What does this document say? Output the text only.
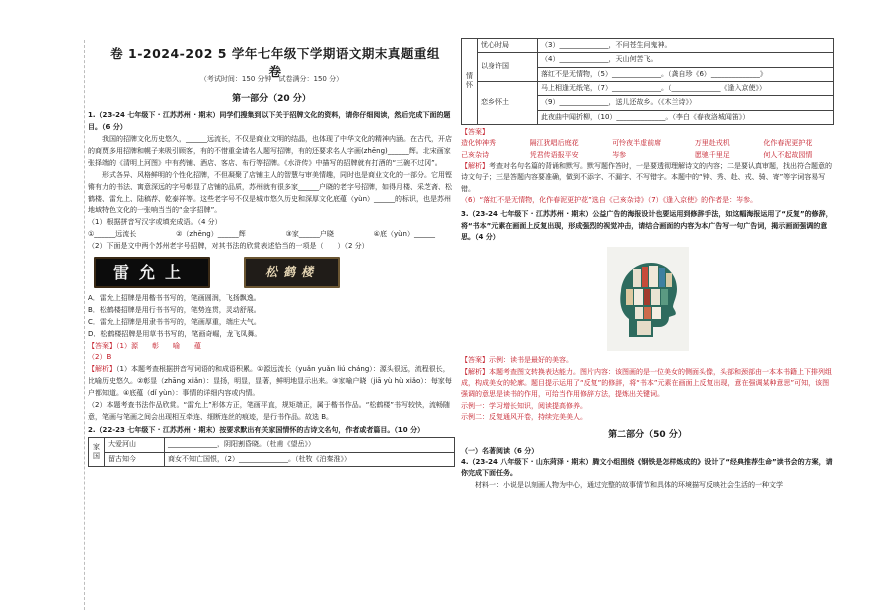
卷 1-2024-202 5 学年七年级下学期语文期末真题重组卷
（考试时间：150 分钟　试卷满分：150 分）
第一部分（20 分）

1.（23-24 七年级下 · 江苏苏州 · 期末）同学们搜集到以下关于招牌文化的资料，请你仔细阅读，然后完成下面的题目。（6 分）

我国的招牌文化历史悠久，______远流长，不仅是商业文明的结晶，也体现了中华文化的精神内涵。在古代，开店的商贾多用招牌和幌子来吸引顾客，有的不惜重金请名人题写招牌，有的还要求名人字画(zhēng)______辉。北宋画家张择端的《清明上河图》中有药铺、酒店、客店、布行等招牌。《水浒传》中描写的招牌就有打酒的“三碗不过冈”。

形式各异、风格鲜明的个性化招牌，不但凝聚了店铺主人的智慧与审美情趣，同时也是商业文化的一部分。它用铿锵有力的书法、寓意深远的字号彰显了店铺的品质，苏州就有很多家______户晓的老字号招牌，如得月楼、采芝斋、松鹤楼、雷允上、陆稿荐、乾泰祥等。这些老字号不仅是城市悠久历史和深厚文化底蕴（yùn）______的标识，也是苏州地域特色文化的一张响当当的“金字招牌”。

（1）根据拼音写汉字或填充成语。（4 分）

①______远流长	②（zhēng）______辉	③家______户晓	④底（yùn）______

（2）下面是文中两个苏州老字号招牌，对其书法的欣赏表述恰当的一项是（　　）（2 分）

雷允上	松鹤楼

A．雷允上招牌是用楷书书写的，笔画圆润，飞扬飘逸。

B．松鹤楼招牌是用行书书写的，笔势连贯，灵动舒展。

C．雷允上招牌是用隶书书写的，笔画厚重，端庄大气。

D．松鹤楼招牌是用草书书写的，笔画奇崛，龙飞凤舞。

【答案】（1）源　　彰　　喻　　蕴

（2）B

【解析】（1）本题考查根据拼音写词语的和成语积累。①源远流长（yuǎn yuǎn liú cháng）：源头很远，流程很长，比喻历史悠久。②彰显（zhāng xiǎn）：显扬，明显，显著，鲜明地显示出来。③家喻户晓（jiā yù hù xiǎo）：每家每户都知道。④底蕴（dǐ yùn）：事情的详细内容或内情。

（2）本题考查书法作品欣赏。“雷允上”形体方正，笔画平直，规矩端正，属于楷书作品。“松鹤楼”书写较快，流畅随意，笔画与笔画之间会出现相互牵连、细断连丝的痕迹，是行书作品。故选 B。

2.（22-23 七年级下 · 江苏苏州 · 期末）按要求默出有关家国情怀的古诗文名句，作者或者篇目。（10 分）

家国	大爱河山	______________，阴阳割昏晓。（杜甫《望岳》）
	留古知今	商女不知亡国恨，（2）______________。（杜牧《泊秦淮》）
情怀	忧心时局	（3）______________，不问苍生问鬼神。
	以身许国	（4）______________，天山何苦飞。
		落红不是无情物，（5）______________。（龚自珍《6）______________》
	恋乡怀土	马上相逢无纸笔，（7）______________。（______________《逢入京使》）
		（9）______________，送儿还故乡。（《木兰诗》）
		此夜曲中闻折柳，（10）______________。（李白《春夜洛城闻笛》）
【答案】
造化钟神秀	隔江犹唱后庭花	可怜夜半虚前席	万里赴戎机	化作春泥更护花
己亥杂诗	凭君传语报平安	岑参	愿驰千里足	何人不起故园情

【解析】考查对名句名篇的背诵和默写。默写题作答时，一是要透彻理解诗文的内容；二是要认真审题，找出符合题意的诗文句子；三是答题内容要准确，做到不添字、不漏字、不写错字。本题中的“钟、秀、赴、戎、骑、寄”等字词容易写错。

（6）“落红不是无情物，化作春泥更护花”选自《己亥杂诗》（7）《逢入京使》的作者是：岑参。

3.（23-24 七年级下 · 江苏苏州 · 期末）公益广告的海报设计也要运用到修辞手法，如这幅海报运用了“反复”的修辞，将“书本”元素在画面上反复出现，形成强烈的视觉冲击，请结合画面的内容为本广告写一句广告词，揭示画面强调的意思。（4 分）

【答案】示例：读书是最好的美容。

【解析】本题考查图文转换表达能力。图片内容：该图画的是一位美女的侧面头像，头部和颈部由一本本书籍上下排列组成，构成美女的轮廓。题目提示运用了“反复”的修辞，将“书本”元素在画面上反复出现，意在强调某种意思”可知，该图强调的意思是读书的作用，可给当作用修辞方法，提炼出关键词。

示例一：学习增长知识，阅读提高修养。

示例二：反复通风开卷，持续完美美人。

第二部分（50 分）

（一）名著阅读（6 分）

4.（23-24 八年级下 · 山东菏泽 · 期末）腾文小组围绕《钢铁是怎样炼成的》设计了“经典推荐生命”读书会的方案，请你完成下面任务。

材料一：小说是以刻画人物为中心，通过完整的故事情节和具体的环境描写反映社会生活的一种文学
